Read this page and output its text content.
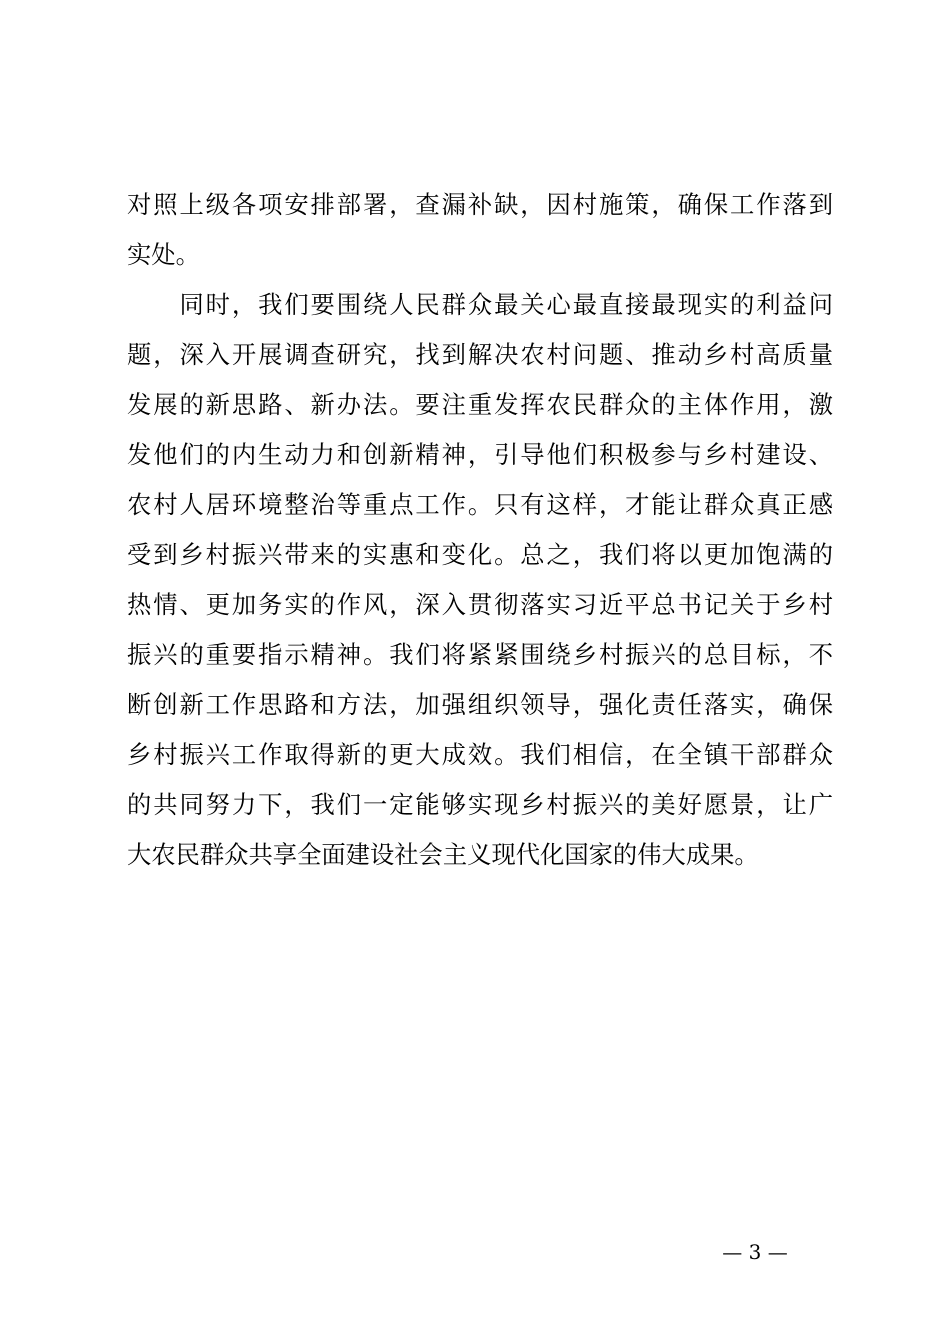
对照上级各项安排部署，查漏补缺，因村施策，确保工作落到
实处。
　　同时，我们要围绕人民群众最关心最直接最现实的利益问
题，深入开展调查研究，找到解决农村问题、推动乡村高质量
发展的新思路、新办法。要注重发挥农民群众的主体作用，激
发他们的内生动力和创新精神，引导他们积极参与乡村建设、
农村人居环境整治等重点工作。只有这样，才能让群众真正感
受到乡村振兴带来的实惠和变化。总之，我们将以更加饱满的
热情、更加务实的作风，深入贯彻落实习近平总书记关于乡村
振兴的重要指示精神。我们将紧紧围绕乡村振兴的总目标，不
断创新工作思路和方法，加强组织领导，强化责任落实，确保
乡村振兴工作取得新的更大成效。我们相信，在全镇干部群众
的共同努力下，我们一定能够实现乡村振兴的美好愿景，让广
大农民群众共享全面建设社会主义现代化国家的伟大成果。
— 3 —
